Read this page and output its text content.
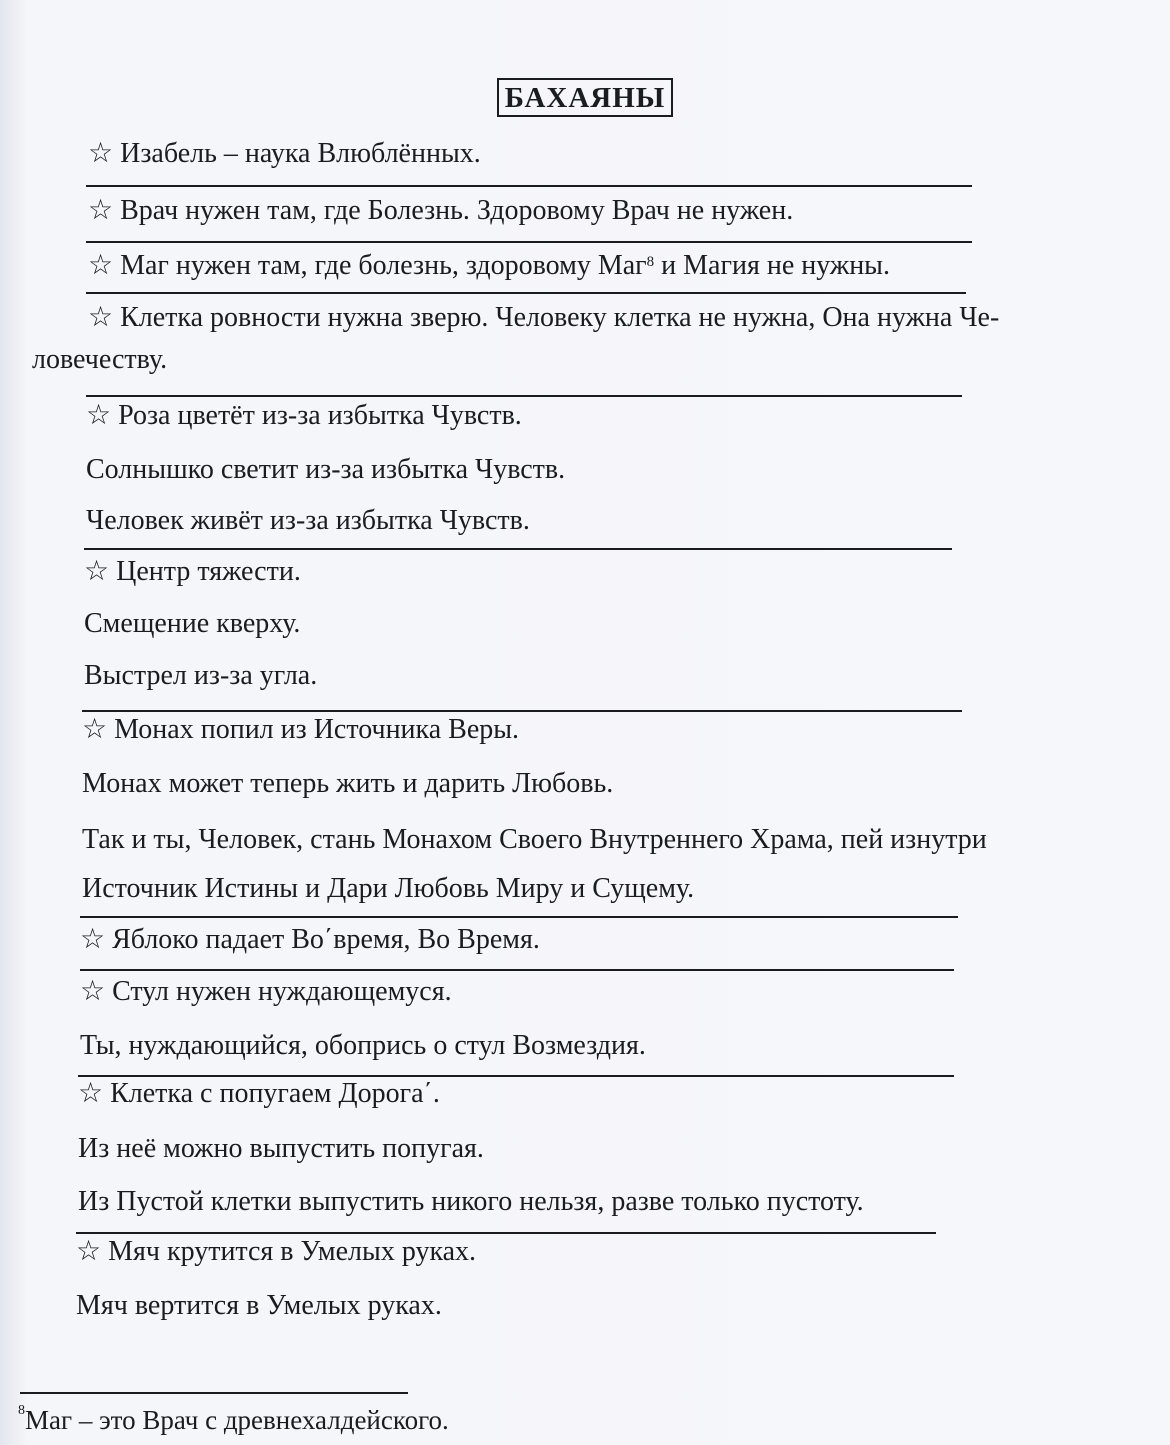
БАХАЯНЫ
☆ Изабель – наука Влюблённых.
☆ Врач нужен там, где Болезнь. Здоровому Врач не нужен.
☆ Маг нужен там, где болезнь, здоровому Маг$^8$ и Магия не нужны.
☆ Клетка ровности нужна зверю. Человеку клетка не нужна, Она нужна Че-
ловечеству.
☆ Роза цветёт из-за избытка Чувств.
Солнышко светит из-за избытка Чувств.
Человек живёт из-за избытка Чувств.
☆ Центр тяжести.
Смещение кверху.
Выстрел из-за угла.
☆ Монах попил из Источника Веры.
Монах может теперь жить и дарить Любовь.
Так и ты, Человек, стань Монахом Своего Внутреннего Храма, пей изнутри
Источник Истины и Дари Любовь Миру и Сущему.
☆ Яблоко падает Во΄время, Во Время.
☆ Стул нужен нуждающемуся.
Ты, нуждающийся, обопрись о стул Возмездия.
☆ Клетка с попугаем Дорога΄.
Из неё можно выпустить попугая.
Из Пустой клетки выпустить никого нельзя, разве только пустоту.
☆ Мяч крутится в Умелых руках.
Мяч вертится в Умелых руках.
$^8$Маг – это Врач с древнехалдейского.
